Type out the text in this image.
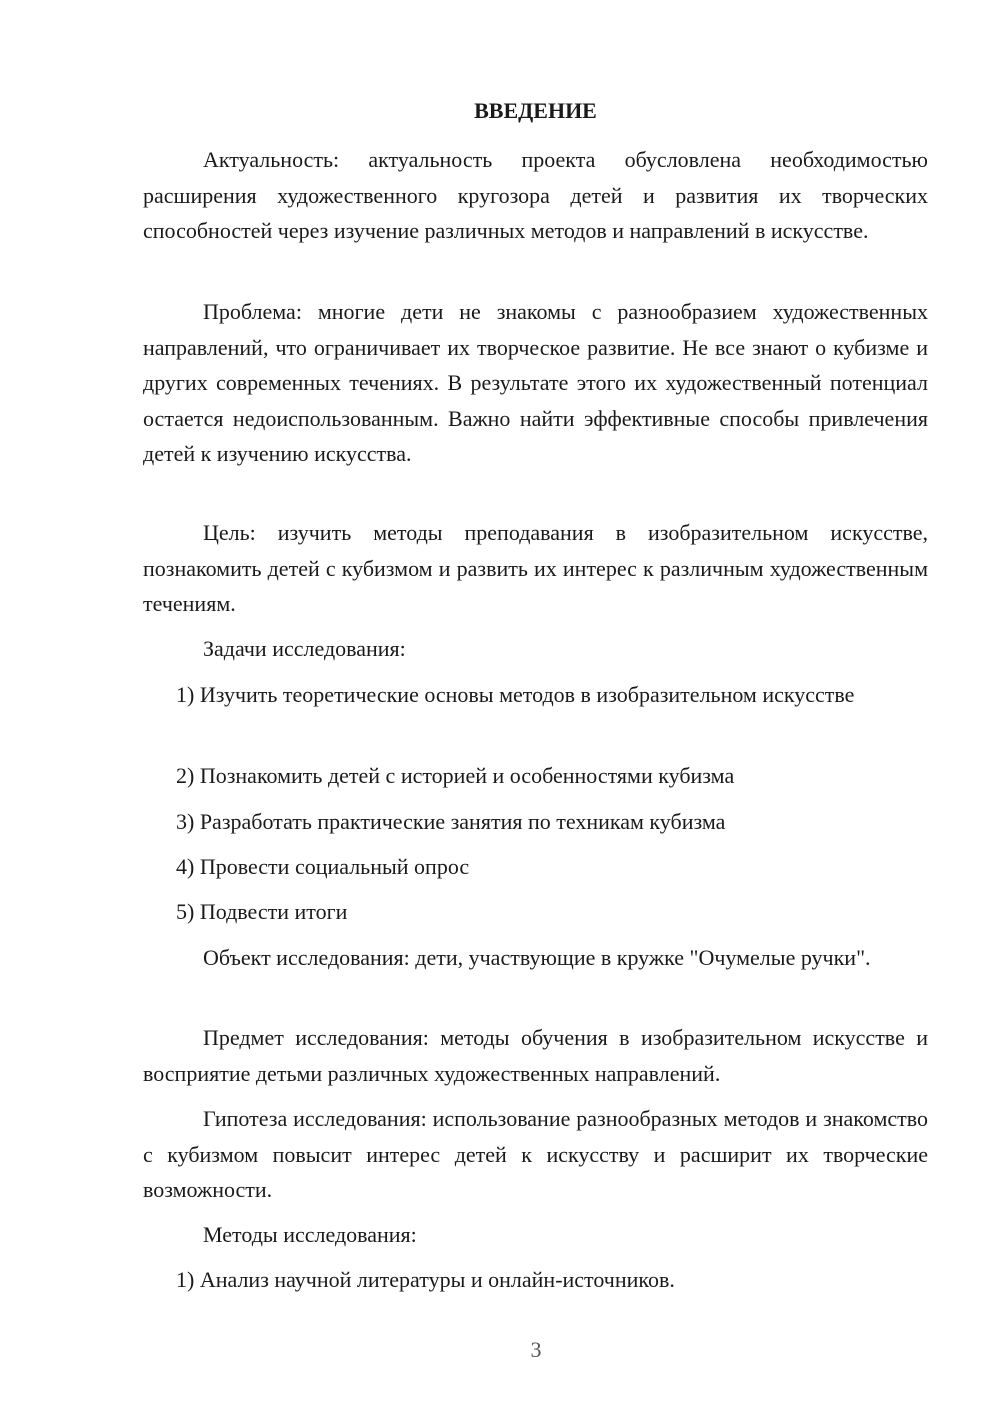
ВВЕДЕНИЕ

Актуальность: актуальность проекта обусловлена необходимостью расширения художественного кругозора детей и развития их творческих способностей через изучение различных методов и направлений в искусстве.

Проблема: многие дети не знакомы с разнообразием художественных направлений, что ограничивает их творческое развитие. Не все знают о кубизме и других современных течениях. В результате этого их художественный потенциал остается недоиспользованным. Важно найти эффективные способы привлечения детей к изучению искусства.

Цель: изучить методы преподавания в изобразительном искусстве, познакомить детей с кубизмом и развить их интерес к различным художественным течениям.

Задачи исследования:

1) Изучить теоретические основы методов в изобразительном искусстве

2) Познакомить детей с историей и особенностями кубизма

3) Разработать практические занятия по техникам кубизма

4) Провести социальный опрос

5) Подвести итоги

Объект исследования: дети, участвующие в кружке "Очумелые ручки".

Предмет исследования: методы обучения в изобразительном искусстве и восприятие детьми различных художественных направлений.

Гипотеза исследования: использование разнообразных методов и знакомство с кубизмом повысит интерес детей к искусству и расширит их творческие возможности.

Методы исследования:

1) Анализ научной литературы и онлайн-источников.

3
